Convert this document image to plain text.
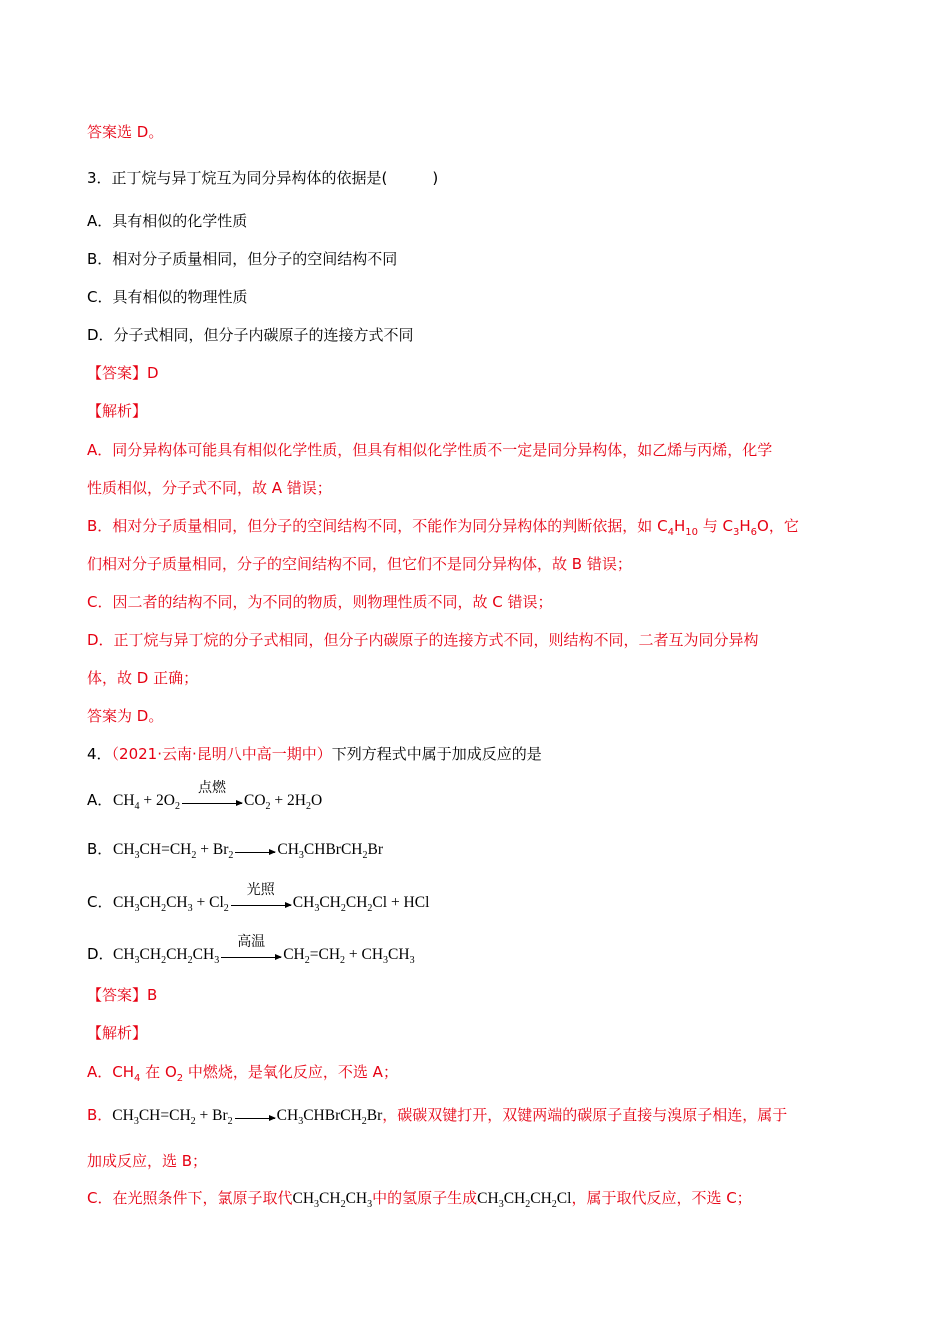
答案选 D。
3．正丁烷与异丁烷互为同分异构体的依据是(　　　)
A．具有相似的化学性质
B．相对分子质量相同，但分子的空间结构不同
C．具有相似的物理性质
D．分子式相同，但分子内碳原子的连接方式不同
【答案】D
【解析】
A．同分异构体可能具有相似化学性质，但具有相似化学性质不一定是同分异构体，如乙烯与丙烯，化学
性质相似，分子式不同，故 A 错误；
B．相对分子质量相同，但分子的空间结构不同，不能作为同分异构体的判断依据，如 $C_4H_{10}$ 与 $C_3H_6O$，它
们相对分子质量相同，分子的空间结构不同，但它们不是同分异构体，故 B 错误；
C．因二者的结构不同，为不同的物质，则物理性质不同，故 C 错误；
D．正丁烷与异丁烷的分子式相同，但分子内碳原子的连接方式不同，则结构不同，二者互为同分异构
体，故 D 正确；
答案为 D。
4．（2021·云南·昆明八中高一期中）下列方程式中属于加成反应的是
A．$CH_4 + 2O_2$
点燃
$CO_2 + 2H_2O$
B．$CH_3CH=CH_2 + Br_2$	$CH_3CHBrCH_2Br$
C．$CH_3CH_2CH_3 + Cl_2$
光照
$CH_3CH_2CH_2Cl$ + HCl
D．$CH_3CH_2CH_2CH_3$
高温
$CH_2=CH_2 + CH_3CH_3$
【答案】B
【解析】
A．$CH_4$ 在 $O_2$ 中燃烧，是氧化反应，不选 A；
B．$CH_3CH=CH_2 + Br_2$	$CH_3CHBrCH_2Br$，碳碳双键打开，双键两端的碳原子直接与溴原子相连，属于
加成反应，选 B；
C．在光照条件下，氯原子取代$CH_3CH_2CH_3$中的氢原子生成$CH_3CH_2CH_2Cl$，属于取代反应，不选 C；
